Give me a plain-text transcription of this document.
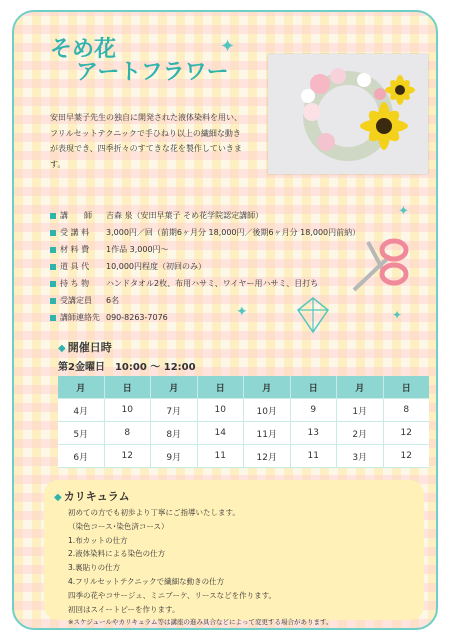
そめ花
アートフラワー
✦
✦	✦
✦
安田早葉子先生の独自に開発された液体染料を用い、フリルセットテクニックで手ひねり以上の繊細な動きが表現でき、四季折々のすてきな花を製作していきます。
講　　師	吉森 泉（安田早葉子 そめ花学院認定講師）
受 講 料	3,000円／回（前期6ヶ月分 18,000円／後期6ヶ月分 18,000円前納）
材 料 費	1作品 3,000円～
道 具 代	10,000円程度（初回のみ）
持 ち 物	ハンドタオル2枚、布用ハサミ、ワイヤー用ハサミ、目打ち
受講定員	6名
講師連絡先 090-8263-7076
◆ 開催日時
第2金曜日　10:00 ～ 12:00
月	日	月	日	月	日	月	日
4月	10	7月	10	10月	9	1月	8
5月	8	8月	14	11月	13	2月	12
6月	12	9月	11	12月	11	3月	12
◆ カリキュラム
初めての方でも初歩より丁寧にご指導いたします。
（染色コース･染色済コース）
1.布カットの仕方
2.液体染料による染色の仕方
3.裏貼りの仕方
4.フリルセットテクニックで繊細な動きの仕方
四季の花やコサージュ、ミニブーケ、リースなどを作ります。
初回はスイートピーを作ります。
※スケジュールやカリキュラム等は講座の進み具合などによって変更する場合があります。
